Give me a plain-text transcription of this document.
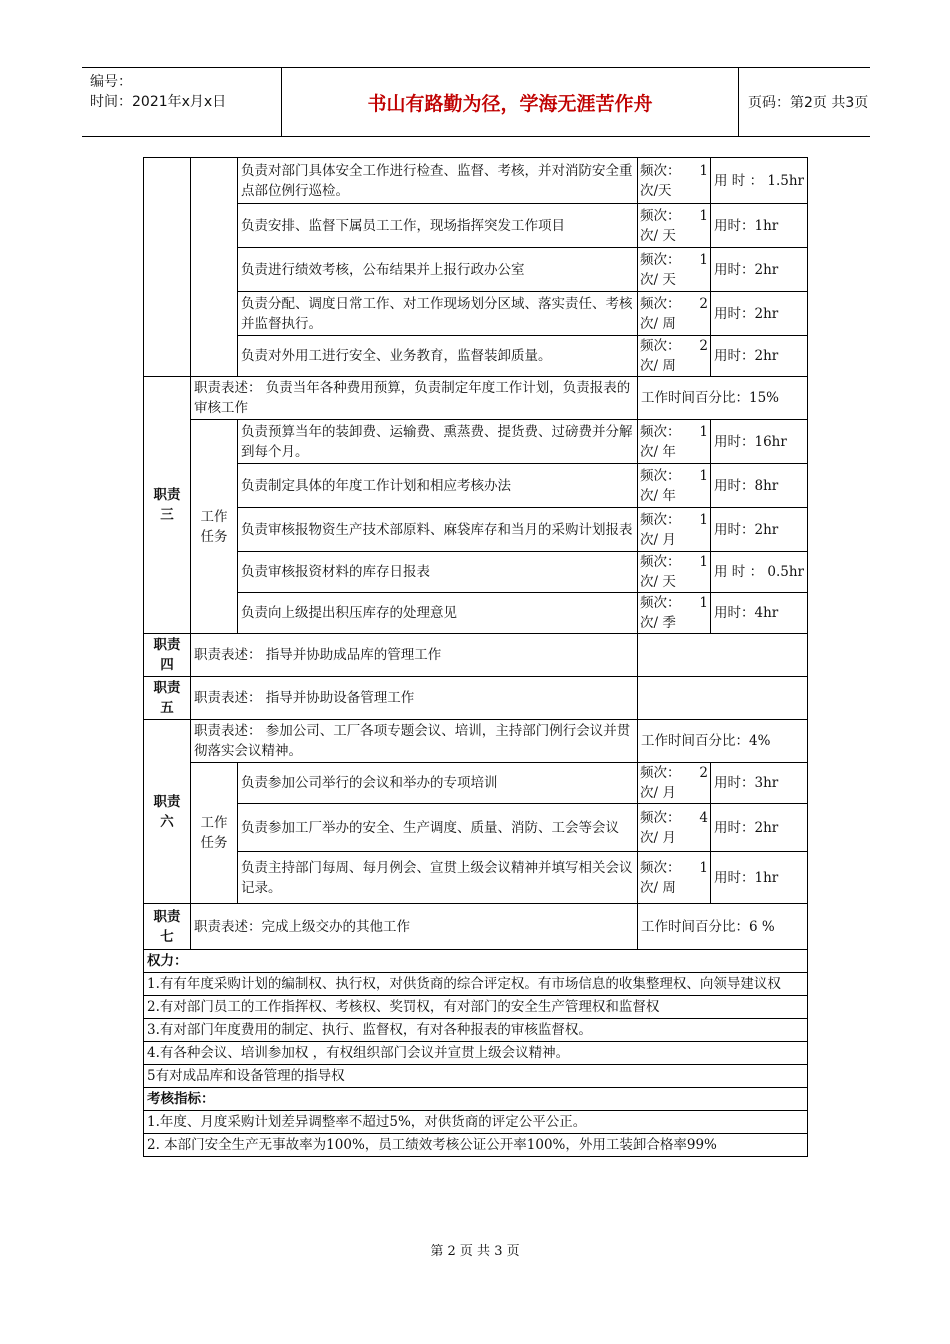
编号：
时间：2021年x月x日	书山有路勤为径，学海无涯苦作舟	页码：第2页 共3页
		负责对部门具体安全工作进行检查、监督、考核，并对消防安全重点部位例行巡检。	频次： 1
次/天	用 时 ： 1.5hr
		负责安排、监督下属员工工作，现场指挥突发工作项目	频次： 1
次/ 天	用时：1hr
		负责进行绩效考核，公布结果并上报行政办公室	频次： 1
次/ 天	用时：2hr
		负责分配、调度日常工作、对工作现场划分区域、落实责任、考核并监督执行。	频次： 2
次/ 周	用时：2hr
		负责对外用工进行安全、业务教育，监督装卸质量。	频次： 2
次/ 周	用时：2hr
职责三	职责表述： 负责当年各种费用预算，负责制定年度工作计划，负责报表的审核工作		工作时间百分比：15%	
	工作任务	负责预算当年的装卸费、运输费、熏蒸费、提货费、过磅费并分解到每个月。	频次： 1
次/ 年	用时：16hr
		负责制定具体的年度工作计划和相应考核办法	频次： 1
次/ 年	用时：8hr
		负责审核报物资生产技术部原料、麻袋库存和当月的采购计划报表	频次： 1
次/ 月	用时：2hr
		负责审核报资材料的库存日报表	频次： 1
次/ 天	用 时 ： 0.5hr
		负责向上级提出积压库存的处理意见	频次： 1
次/ 季	用时：4hr
职责四	职责表述： 指导并协助成品库的管理工作			
职责五	职责表述： 指导并协助设备管理工作			
职责六	职责表述： 参加公司、工厂各项专题会议、培训，主持部门例行会议并贯彻落实会议精神。		工作时间百分比：4%	
	工作任务	负责参加公司举行的会议和举办的专项培训	频次： 2
次/ 月	用时：3hr
		负责参加工厂举办的安全、生产调度、质量、消防、工会等会议	频次： 4
次/ 月	用时：2hr
		负责主持部门每周、每月例会、宣贯上级会议精神并填写相关会议记录。	频次： 1
次/ 周	用时：1hr
职责七	职责表述：完成上级交办的其他工作		工作时间百分比：6 %	
权力：				
1.有有年度采购计划的编制权、执行权，对供货商的综合评定权。有市场信息的收集整理权、向领导建议权				
2.有对部门员工的工作指挥权、考核权、奖罚权，有对部门的安全生产管理权和监督权				
3.有对部门年度费用的制定、执行、监督权，有对各种报表的审核监督权。				
4.有各种会议、培训参加权 ，有权组织部门会议并宣贯上级会议精神。				
5有对成品库和设备管理的指导权				
考核指标：				
1.年度、月度采购计划差异调整率不超过5%，对供货商的评定公平公正。				
2. 本部门安全生产无事故率为100%，员工绩效考核公证公开率100%，外用工装卸合格率99%				
第 2 页 共 3 页
